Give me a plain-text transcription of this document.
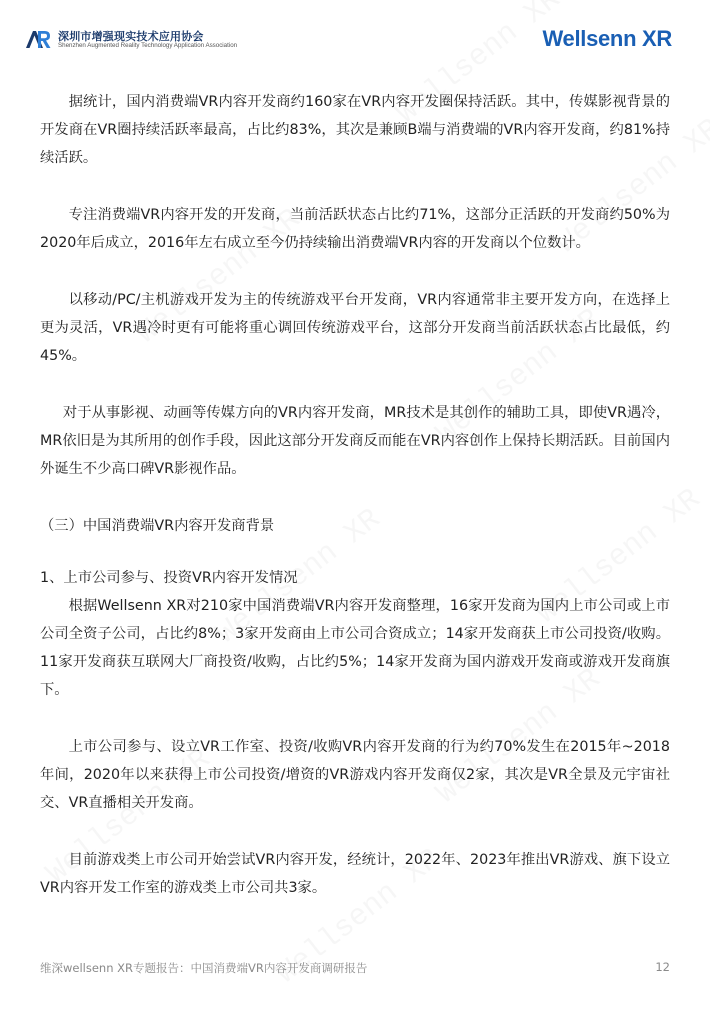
深圳市增强现实技术应用协会
Shenzhen Augmented Reality Technology Application Association	Wellsenn XR

据统计，国内消费端VR内容开发商约160家在VR内容开发圈保持活跃。其中，传媒影视背景的开发商在VR圈持续活跃率最高，占比约83%，其次是兼顾B端与消费端的VR内容开发商，约81%持续活跃。

专注消费端VR内容开发的开发商，当前活跃状态占比约71%，这部分正活跃的开发商约50%为2020年后成立，2016年左右成立至今仍持续输出消费端VR内容的开发商以个位数计。

以移动/PC/主机游戏开发为主的传统游戏平台开发商，VR内容通常非主要开发方向，在选择上更为灵活，VR遇冷时更有可能将重心调回传统游戏平台，这部分开发商当前活跃状态占比最低，约45%。

对于从事影视、动画等传媒方向的VR内容开发商，MR技术是其创作的辅助工具，即使VR遇冷，MR依旧是为其所用的创作手段，因此这部分开发商反而能在VR内容创作上保持长期活跃。目前国内外诞生不少高口碑VR影视作品。

（三）中国消费端VR内容开发商背景
1、上市公司参与、投资VR内容开发情况

根据Wellsenn XR对210家中国消费端VR内容开发商整理，16家开发商为国内上市公司或上市公司全资子公司，占比约8%；3家开发商由上市公司合资成立；14家开发商获上市公司投资/收购。11家开发商获互联网大厂商投资/收购，占比约5%；14家开发商为国内游戏开发商或游戏开发商旗下。

上市公司参与、设立VR工作室、投资/收购VR内容开发商的行为约70%发生在2015年~2018年间，2020年以来获得上市公司投资/增资的VR游戏内容开发商仅2家，其次是VR全景及元宇宙社交、VR直播相关开发商。

目前游戏类上市公司开始尝试VR内容开发，经统计，2022年、2023年推出VR游戏、旗下设立VR内容开发工作室的游戏类上市公司共3家。

维深wellsenn XR专题报告：中国消费端VR内容开发商调研报告	12
